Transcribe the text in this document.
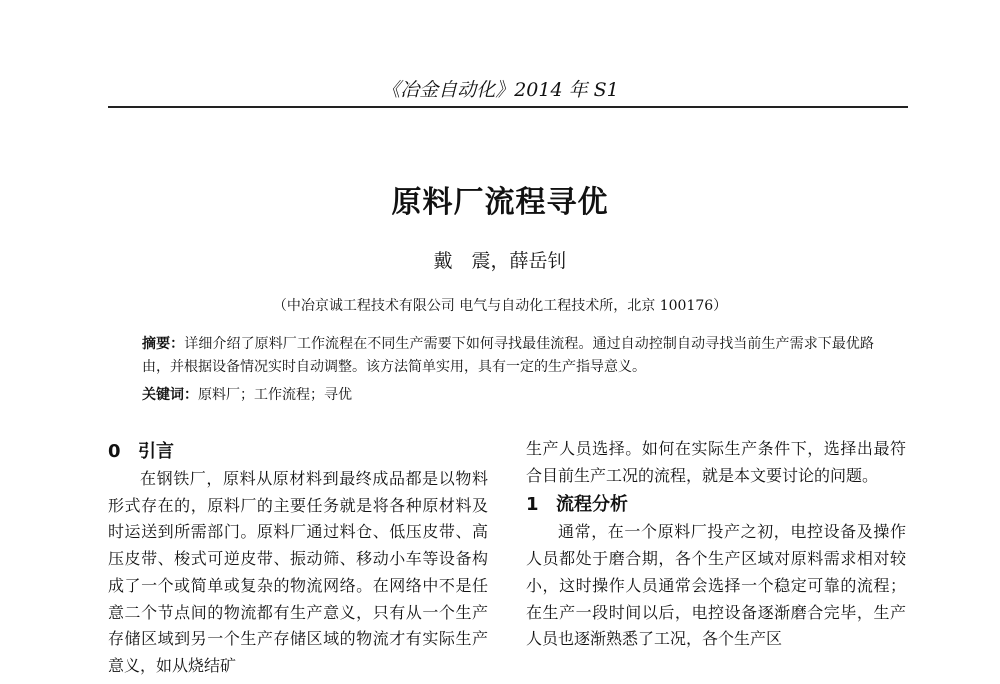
《冶金自动化》2014 年 S1
原料厂流程寻优
戴　震，薛岳钊
（中冶京诚工程技术有限公司 电气与自动化工程技术所，北京 100176）
摘要：详细介绍了原料厂工作流程在不同生产需要下如何寻找最佳流程。通过自动控制自动寻找当前生产需求下最优路由，并根据设备情况实时自动调整。该方法简单实用，具有一定的生产指导意义。
关键词：原料厂；工作流程；寻优
0 引言

在钢铁厂，原料从原材料到最终成品都是以物料形式存在的，原料厂的主要任务就是将各种原材料及时运送到所需部门。原料厂通过料仓、低压皮带、高压皮带、梭式可逆皮带、振动筛、移动小车等设备构成了一个或简单或复杂的物流网络。在网络中不是任意二个节点间的物流都有生产意义，只有从一个生产存储区域到另一个生产存储区域的物流才有实际生产意义，如从烧结矿

生产人员选择。如何在实际生产条件下，选择出最符合目前生产工况的流程，就是本文要讨论的问题。

1 流程分析

通常，在一个原料厂投产之初，电控设备及操作人员都处于磨合期，各个生产区域对原料需求相对较小，这时操作人员通常会选择一个稳定可靠的流程；在生产一段时间以后，电控设备逐渐磨合完毕，生产人员也逐渐熟悉了工况，各个生产区
